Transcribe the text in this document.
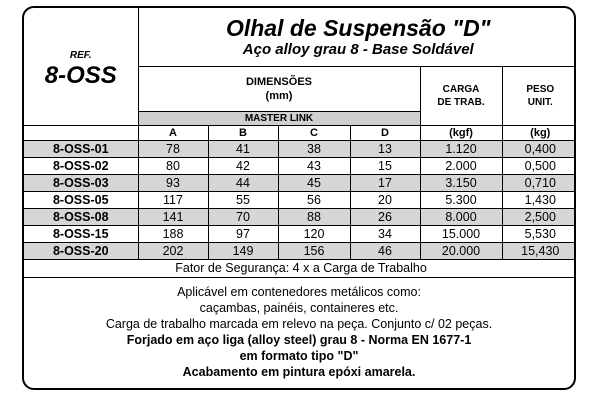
REF.
8-OSS	Olhal de Suspensão "D"
Aço alloy grau 8 - Base Soldável					

	DIMENSÕES
(mm)				CARGA
DE TRAB.	PESO
UNIT.
	MASTER LINK					
	A	B	C	D	(kgf)	(kg)
8-OSS-01	78	41	38	13	1.120	0,400
8-OSS-02	80	42	43	15	2.000	0,500
8-OSS-03	93	44	45	17	3.150	0,710
8-OSS-05	117	55	56	20	5.300	1,430
8-OSS-08	141	70	88	26	8.000	2,500
8-OSS-15	188	97	120	34	15.000	5,530
8-OSS-20	202	149	156	46	20.000	15,430
Fator de Segurança: 4 x a Carga de Trabalho						
Aplicável em contenedores metálicos como:
caçambas, painéis, containeres etc.
Carga de trabalho marcada em relevo na peça. Conjunto c/ 02 peças.
Forjado em aço liga (alloy steel) grau 8 - Norma EN 1677-1
em formato tipo "D"
Acabamento em pintura epóxi amarela.
